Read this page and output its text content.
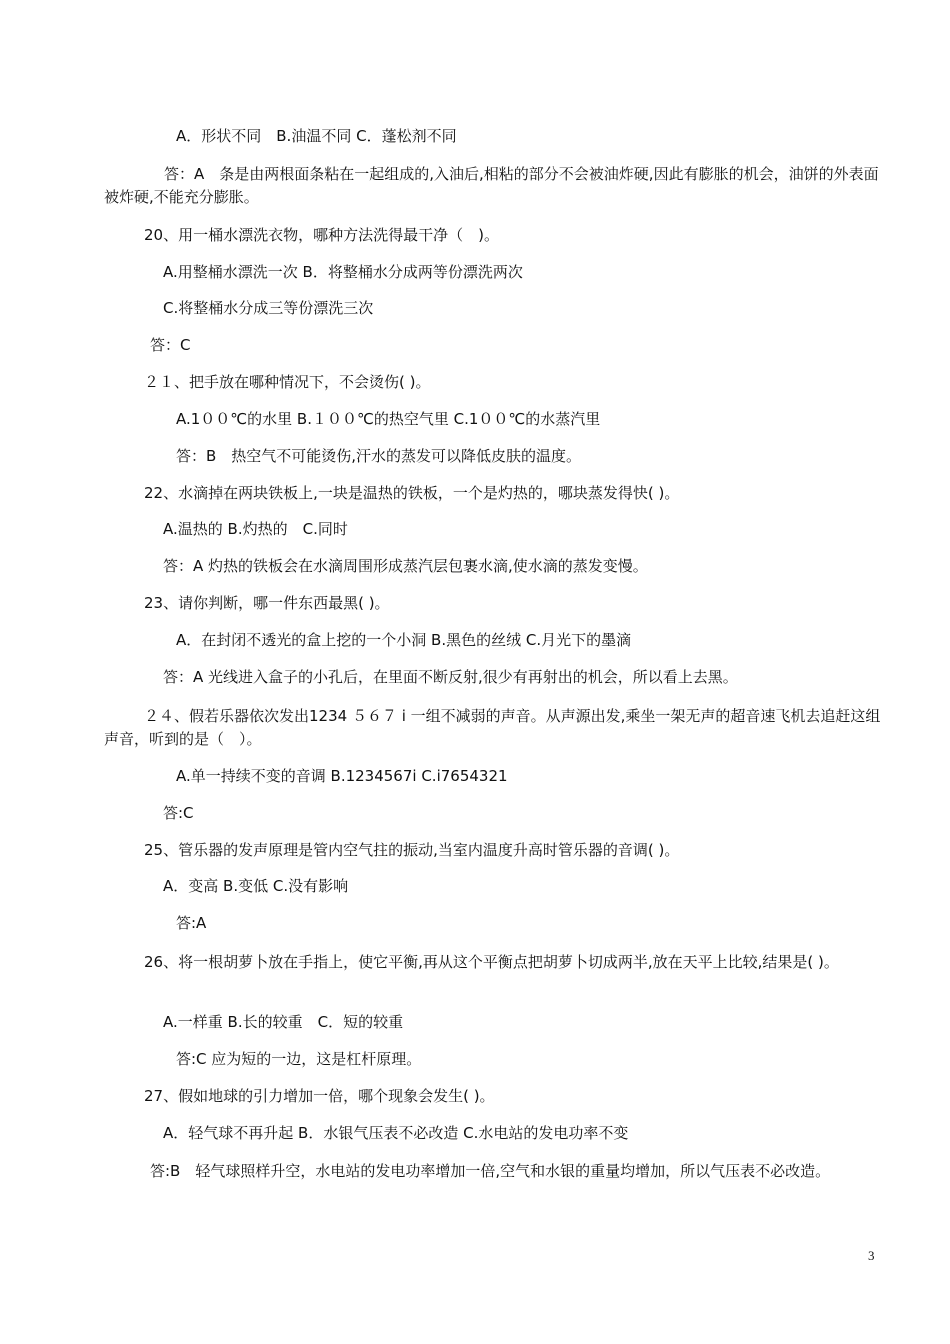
A．形状不同　B.油温不同 C．蓬松剂不同
答：A　条是由两根面条粘在一起组成的,入油后,相粘的部分不会被油炸硬,因此有膨胀的机会，油饼的外表面被炸硬,不能充分膨胀。
20、用一桶水漂洗衣物，哪种方法洗得最干净（　)。
A.用整桶水漂洗一次 B．将整桶水分成两等份漂洗两次
C.将整桶水分成三等份漂洗三次
答：C
２１、把手放在哪种情况下，不会烫伤( )。
A.1００℃的水里 B.１００℃的热空气里 C.1００℃的水蒸汽里
答：B　热空气不可能烫伤,汗水的蒸发可以降低皮肤的温度。
22、水滴掉在两块铁板上,一块是温热的铁板，一个是灼热的，哪块蒸发得快( )。
A.温热的 B.灼热的　C.同时
答：A 灼热的铁板会在水滴周围形成蒸汽层包裹水滴,使水滴的蒸发变慢。
23、请你判断，哪一件东西最黑( )。
A．在封闭不透光的盒上挖的一个小洞 B.黑色的丝绒 C.月光下的墨滴
答：A 光线进入盒子的小孔后，在里面不断反射,很少有再射出的机会，所以看上去黑。
２４、假若乐器依次发出1234 ５６７ i 一组不减弱的声音。从声源出发,乘坐一架无声的超音速飞机去追赶这组声音，听到的是（　）。
A.单一持续不变的音调 B.1234567i C.i7654321
答:C
25、管乐器的发声原理是管内空气拄的振动,当室内温度升高时管乐器的音调( )。
A．变高 B.变低 C.没有影响
答:A
26、将一根胡萝卜放在手指上，使它平衡,再从这个平衡点把胡萝卜切成两半,放在天平上比较,结果是( )。
A.一样重 B.长的较重　C．短的较重
答:C 应为短的一边，这是杠杆原理。
27、假如地球的引力增加一倍，哪个现象会发生( )。
A．轻气球不再升起 B．水银气压表不必改造 C.水电站的发电功率不变
答:B　轻气球照样升空，水电站的发电功率增加一倍,空气和水银的重量均增加，所以气压表不必改造。
3
